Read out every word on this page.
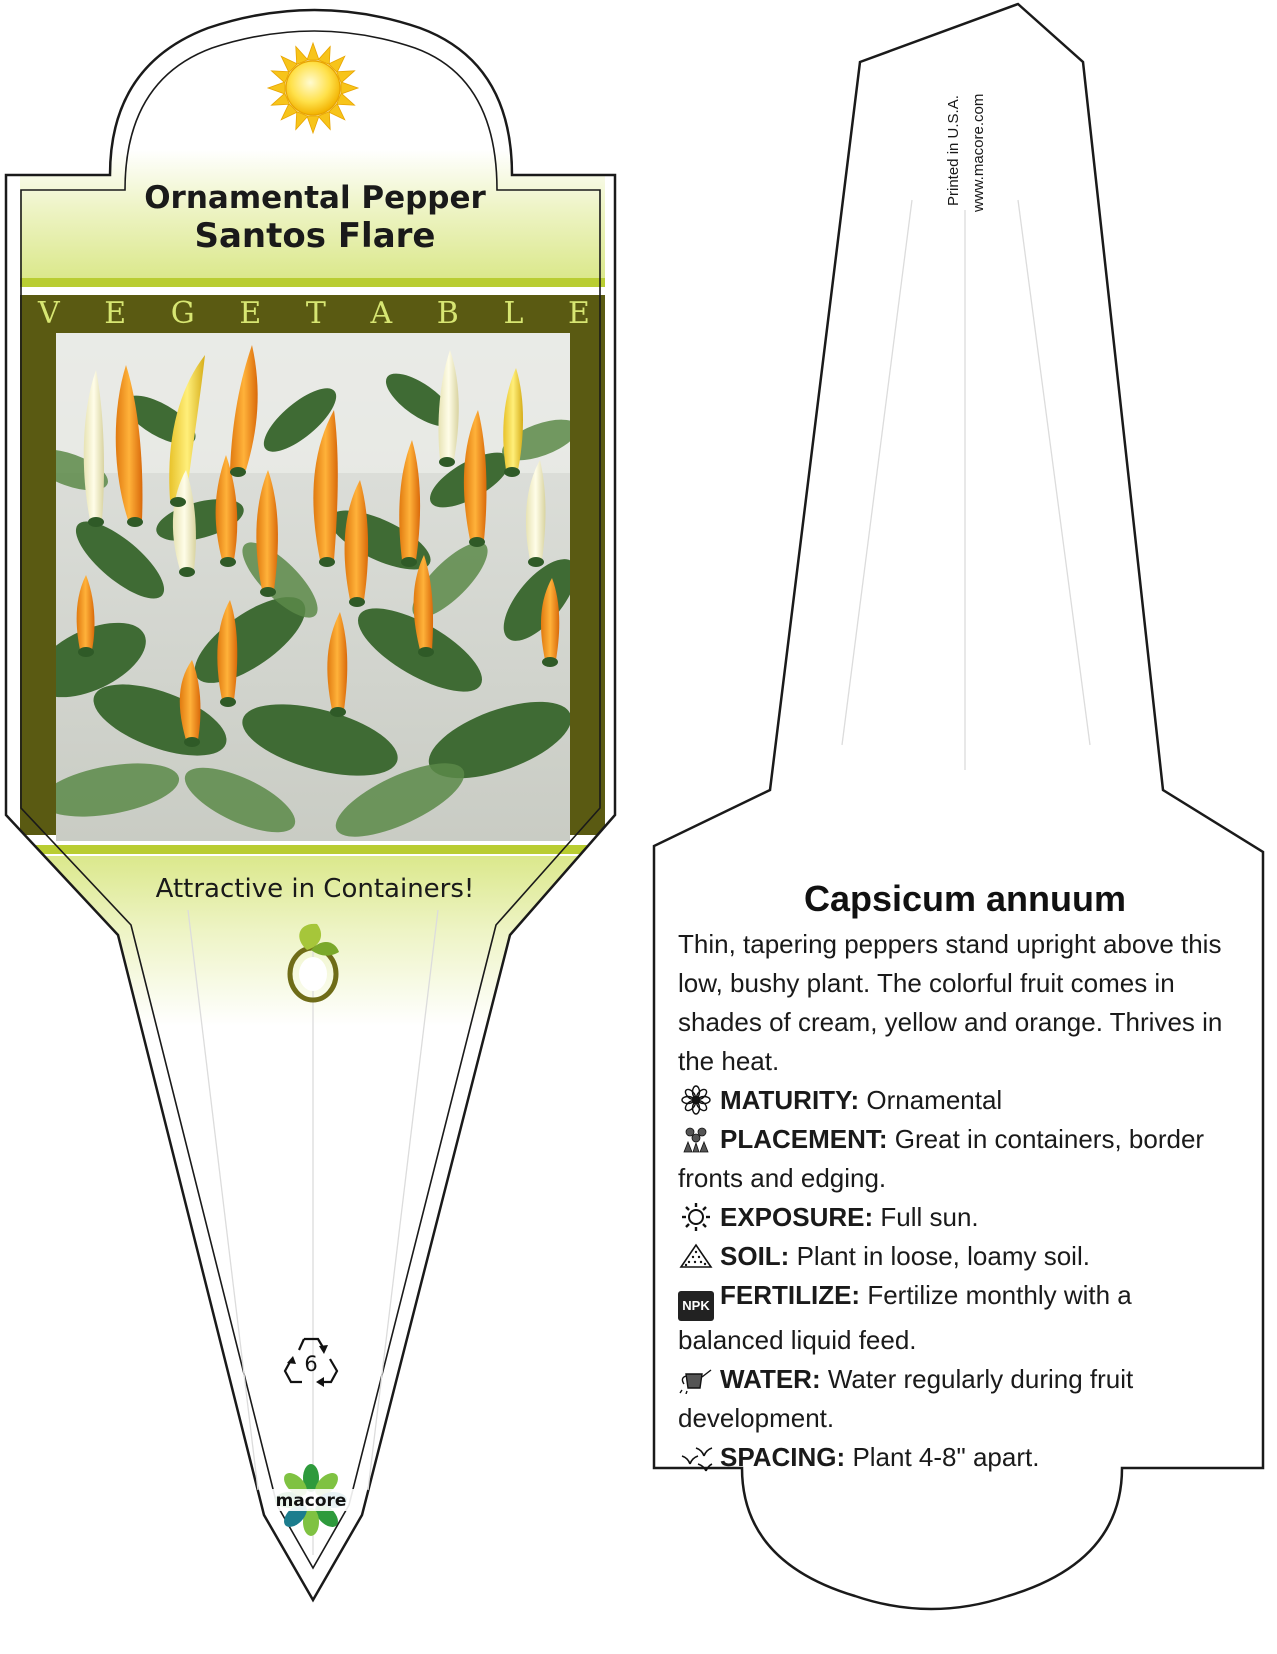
Ornamental Pepper
Santos Flare
V E G E T A B L E
Attractive in Containers!
6
macore
Printed in U.S.A. www.macore.com
Capsicum annuum

Thin, tapering peppers stand upright above this low, bushy plant. The colorful fruit comes in shades of cream, yellow and orange. Thrives in the heat.

MATURITY: Ornamental

PLACEMENT: Great in containers, border fronts and edging.

EXPOSURE: Full sun.

SOIL: Plant in loose, loamy soil.

NPK FERTILIZE: Fertilize monthly with a balanced liquid feed.

WATER: Water regularly during fruit development.

SPACING: Plant 4-8" apart.
